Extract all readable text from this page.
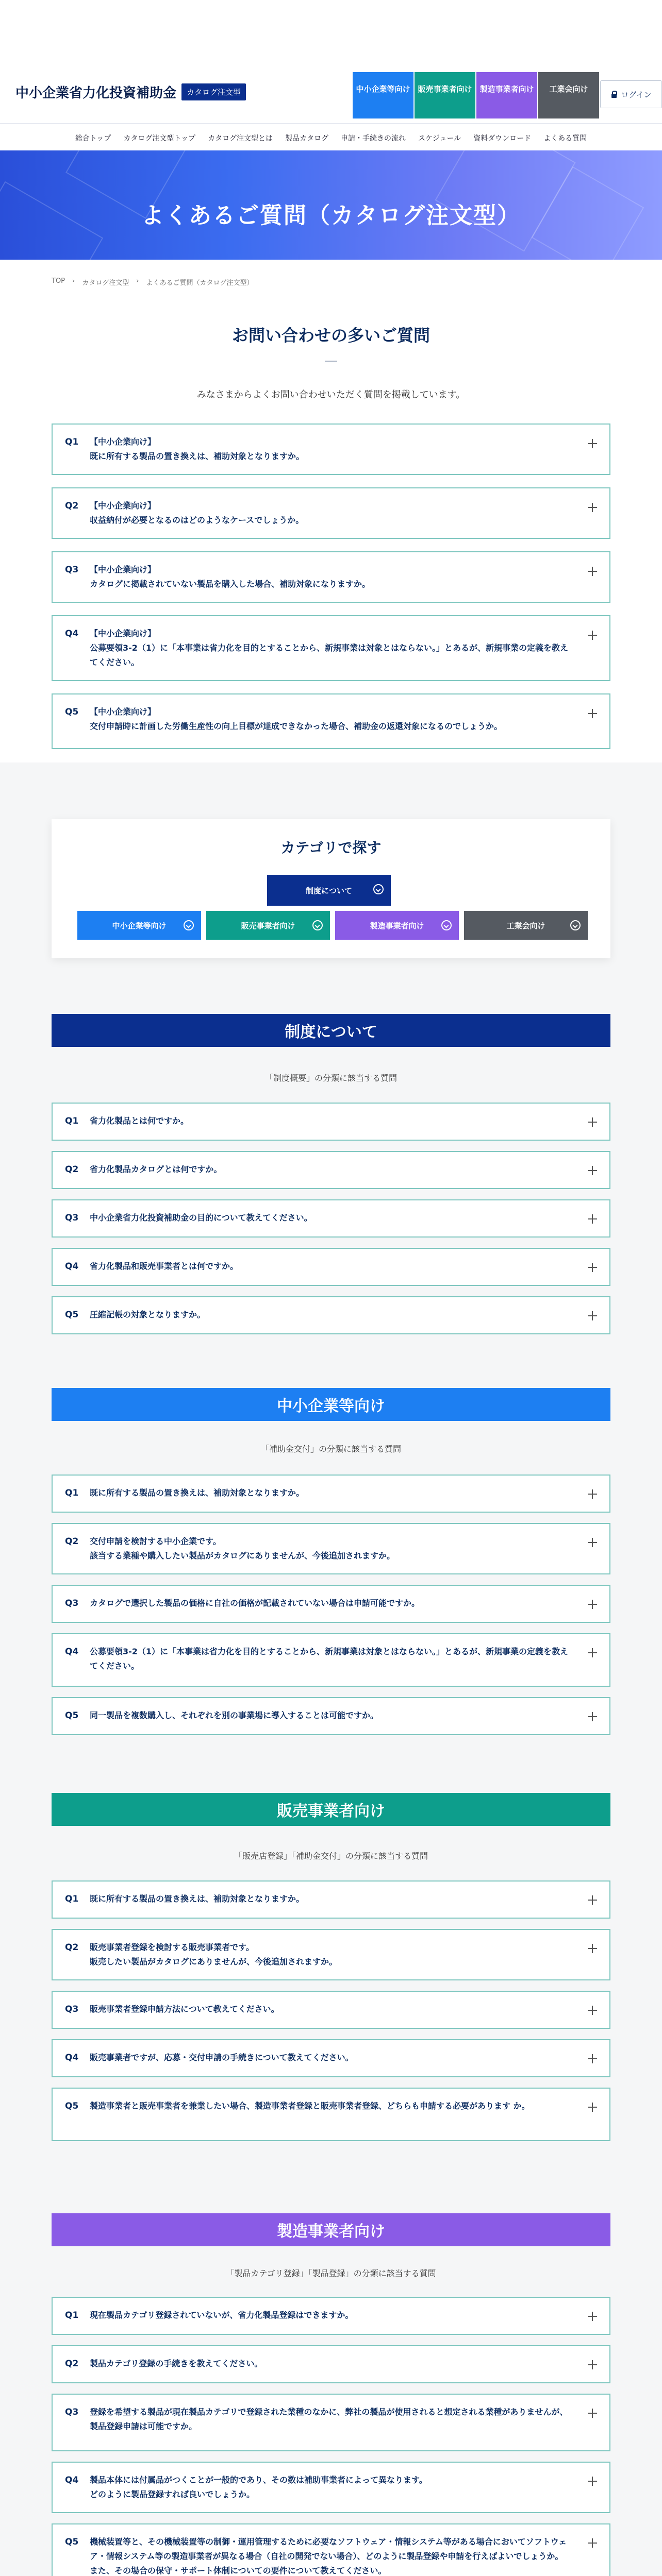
中小企業省力化投資補助金	カタログ注文型	中小企業等向け 販売事業者向け 製造事業者向け	工業会向け
ログイン
総合トップ カタログ注文型トップ カタログ注文型とは 製品カタログ 申請・手続きの流れ スケジュール 資料ダウンロード よくある質問
よくあるご質問（カタログ注文型）
TOP › カタログ注文型 › よくあるご質問（カタログ注文型）
お問い合わせの多いご質問

みなさまからよくお問い合わせいただく質問を掲載しています。

Q1 【中小企業向け】
既に所有する製品の置き換えは、補助対象となりますか。
Q2 【中小企業向け】
収益納付が必要となるのはどのようなケースでしょうか。
Q3 【中小企業向け】
カタログに掲載されていない製品を購入した場合、補助対象になりますか。
Q4 【中小企業向け】
公募要領3-2（1）に「本事業は省力化を目的とすることから、新規事業は対象とはならない。」とあるが、新規事業の定義を教えてください。
Q5 【中小企業向け】
交付申請時に計画した労働生産性の向上目標が達成できなかった場合、補助金の返還対象になるのでしょうか。
カテゴリで探す
制度について
中小企業等向け	販売事業者向け	製造事業者向け	工業会向け
制度について

「制度概要」の分類に該当する質問

Q1 省力化製品とは何ですか。
Q2 省力化製品カタログとは何ですか。
Q3 中小企業省力化投資補助金の目的について教えてください。
Q4 省力化製品和販売事業者とは何ですか。
Q5 圧縮記帳の対象となりますか。
中小企業等向け

「補助金交付」の分類に該当する質問

Q1 既に所有する製品の置き換えは、補助対象となりますか。
Q2 交付申請を検討する中小企業です。
該当する業種や購入したい製品がカタログにありませんが、今後追加されますか。
Q3 カタログで選択した製品の価格に自社の価格が記載されていない場合は申請可能ですか。
Q4 公募要領3-2（1）に「本事業は省力化を目的とすることから、新規事業は対象とはならない。」とあるが、新規事業の定義を教えてください。
Q5 同一製品を複数購入し、それぞれを別の事業場に導入することは可能ですか。
販売事業者向け

「販売店登録」「補助金交付」の分類に該当する質問

Q1 既に所有する製品の置き換えは、補助対象となりますか。
Q2 販売事業者登録を検討する販売事業者です。
販売したい製品がカタログにありませんが、今後追加されますか。
Q3 販売事業者登録申請方法について教えてください。
Q4 販売事業者ですが、応募・交付申請の手続きについて教えてください。
Q5 製造事業者と販売事業者を兼業したい場合、製造事業者登録と販売事業者登録、どちらも申請する必要があります か。
製造事業者向け

「製品カテゴリ登録」「製品登録」の分類に該当する質問

Q1 現在製品カテゴリ登録されていないが、省力化製品登録はできますか。
Q2 製品カテゴリ登録の手続きを教えてください。
Q3 登録を希望する製品が現在製品カテゴリで登録された業種のなかに、弊社の製品が使用されると想定される業種がありませんが、製品登録申請は可能ですか。
Q4 製品本体には付属品がつくことが一般的であり、その数は補助事業者によって異なります。
どのように製品登録すれば良いでしょうか。
Q5 機械装置等と、その機械装置等の制御・運用管理するために必要なソフトウェア・情報システム等がある場合においてソフトウェア・情報システム等の製造事業者が異なる場合（自社の開発でない場合）、どのように製品登録や申請を行えばよいでしょうか。
また、その場合の保守・サポート体制についての要件について教えてください。
